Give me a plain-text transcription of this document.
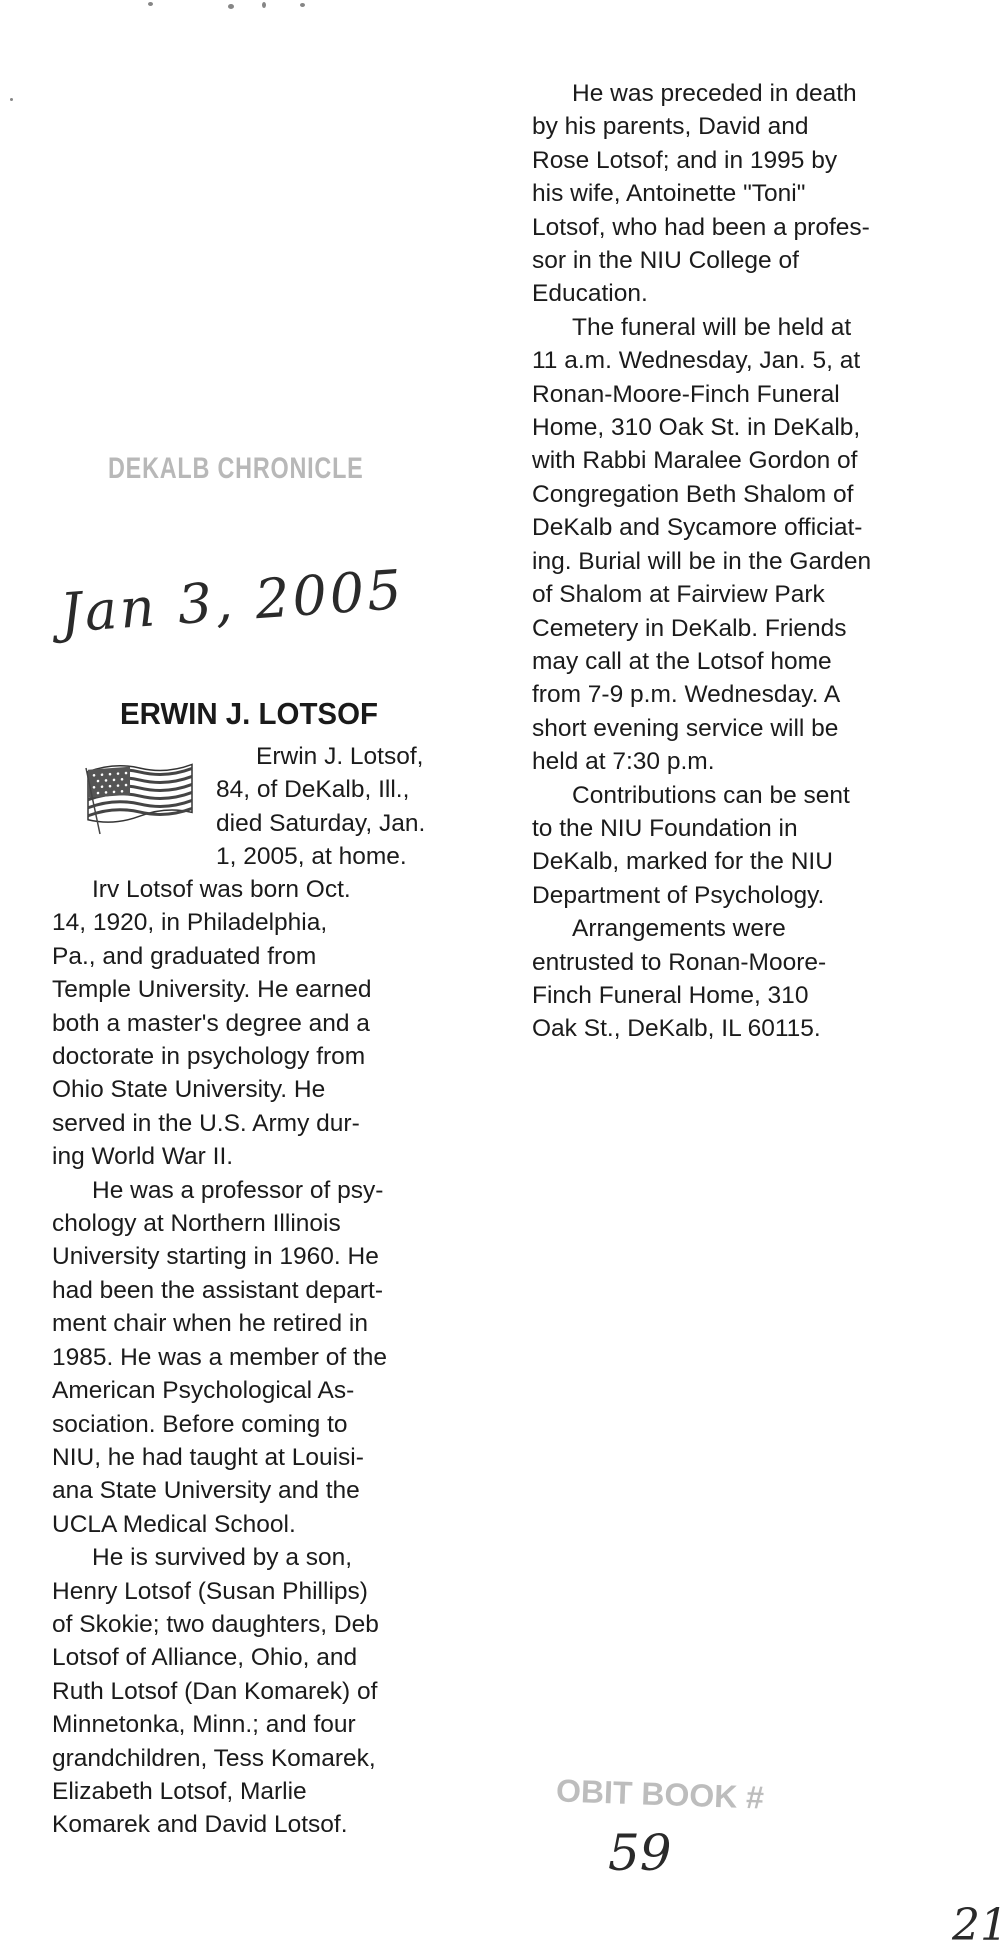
DEKALB CHRONICLE
Jan 3, 2005
ERWIN J. LOTSOF

Erwin J. Lotsof,

84, of DeKalb, Ill.,

died Saturday, Jan.

1, 2005, at home.

Irv Lotsof was born Oct.

14, 1920, in Philadelphia,

Pa., and graduated from

Temple University. He earned

both a master's degree and a

doctorate in psychology from

Ohio State University. He

served in the U.S. Army dur-

ing World War II.

He was a professor of psy-

chology at Northern Illinois

University starting in 1960. He

had been the assistant depart-

ment chair when he retired in

1985. He was a member of the

American Psychological As-

sociation. Before coming to

NIU, he had taught at Louisi-

ana State University and the

UCLA Medical School.

He is survived by a son,

Henry Lotsof (Susan Phillips)

of Skokie; two daughters, Deb

Lotsof of Alliance, Ohio, and

Ruth Lotsof (Dan Komarek) of

Minnetonka, Minn.; and four

grandchildren, Tess Komarek,

Elizabeth Lotsof, Marlie

Komarek and David Lotsof.

He was preceded in death

by his parents, David and

Rose Lotsof; and in 1995 by

his wife, Antoinette "Toni"

Lotsof, who had been a profes-

sor in the NIU College of

Education.

The funeral will be held at

11 a.m. Wednesday, Jan. 5, at

Ronan-Moore-Finch Funeral

Home, 310 Oak St. in DeKalb,

with Rabbi Maralee Gordon of

Congregation Beth Shalom of

DeKalb and Sycamore officiat-

ing. Burial will be in the Garden

of Shalom at Fairview Park

Cemetery in DeKalb. Friends

may call at the Lotsof home

from 7-9 p.m. Wednesday. A

short evening service will be

held at 7:30 p.m.

Contributions can be sent

to the NIU Foundation in

DeKalb, marked for the NIU

Department of Psychology.

Arrangements were

entrusted to Ronan-Moore-

Finch Funeral Home, 310

Oak St., DeKalb, IL 60115.

OBIT BOOK #
59
21
